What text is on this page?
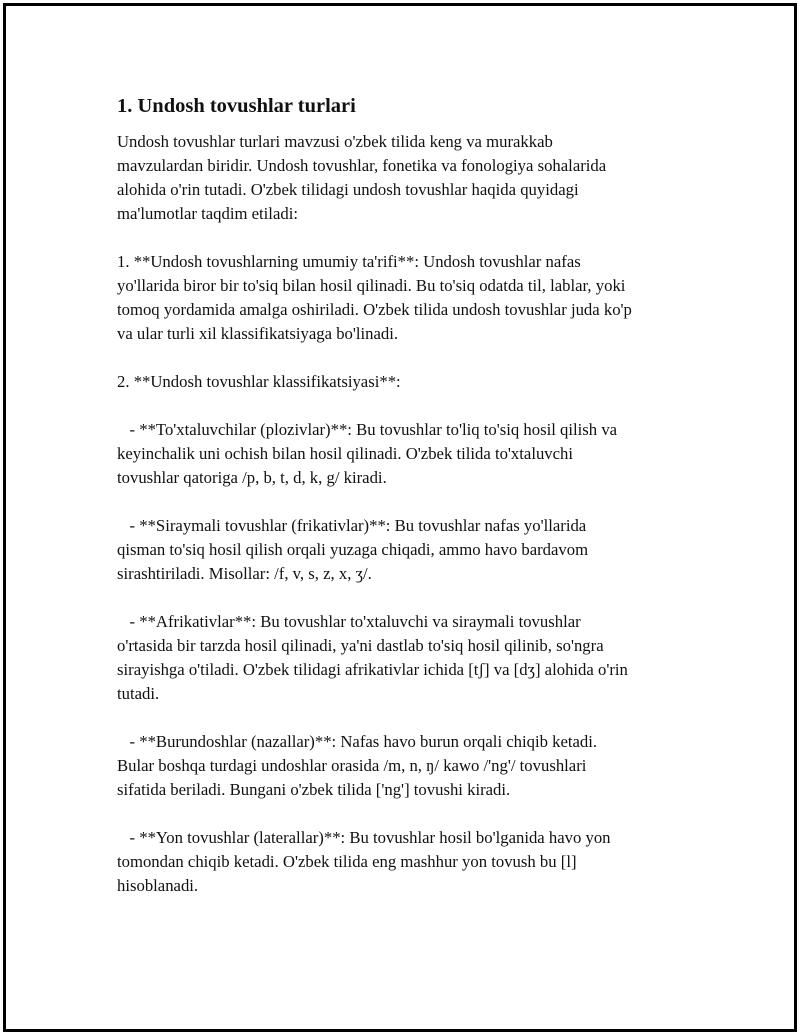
1. Undosh tovushlar turlari
Undosh tovushlar turlari mavzusi o'zbek tilida keng va murakkab
mavzulardan biridir. Undosh tovushlar, fonetika va fonologiya sohalarida
alohida o'rin tutadi. O'zbek tilidagi undosh tovushlar haqida quyidagi
ma'lumotlar taqdim etiladi:
1. **Undosh tovushlarning umumiy ta'rifi**: Undosh tovushlar nafas
yo'llarida biror bir to'siq bilan hosil qilinadi. Bu to'siq odatda til, lablar, yoki
tomoq yordamida amalga oshiriladi. O'zbek tilida undosh tovushlar juda ko'p
va ular turli xil klassifikatsiyaga bo'linadi.
2. **Undosh tovushlar klassifikatsiyasi**:
- **To'xtaluvchilar (plozivlar)**: Bu tovushlar to'liq to'siq hosil qilish va
keyinchalik uni ochish bilan hosil qilinadi. O'zbek tilida to'xtaluvchi
tovushlar qatoriga /p, b, t, d, k, g/ kiradi.
- **Siraymali tovushlar (frikativlar)**: Bu tovushlar nafas yo'llarida
qisman to'siq hosil qilish orqali yuzaga chiqadi, ammo havo bardavom
sirashtiriladi. Misollar: /f, v, s, z, x, ʒ/.
- **Afrikativlar**: Bu tovushlar to'xtaluvchi va siraymali tovushlar
o'rtasida bir tarzda hosil qilinadi, ya'ni dastlab to'siq hosil qilinib, so'ngra
sirayishga o'tiladi. O'zbek tilidagi afrikativlar ichida [tʃ] va [dʒ] alohida o'rin
tutadi.
- **Burundoshlar (nazallar)**: Nafas havo burun orqali chiqib ketadi.
Bular boshqa turdagi undoshlar orasida /m, n, ŋ/ kawo /'ng'/ tovushlari
sifatida beriladi. Bungani o'zbek tilida ['ng'] tovushi kiradi.
- **Yon tovushlar (laterallar)**: Bu tovushlar hosil bo'lganida havo yon
tomondan chiqib ketadi. O'zbek tilida eng mashhur yon tovush bu [l]
hisoblanadi.
